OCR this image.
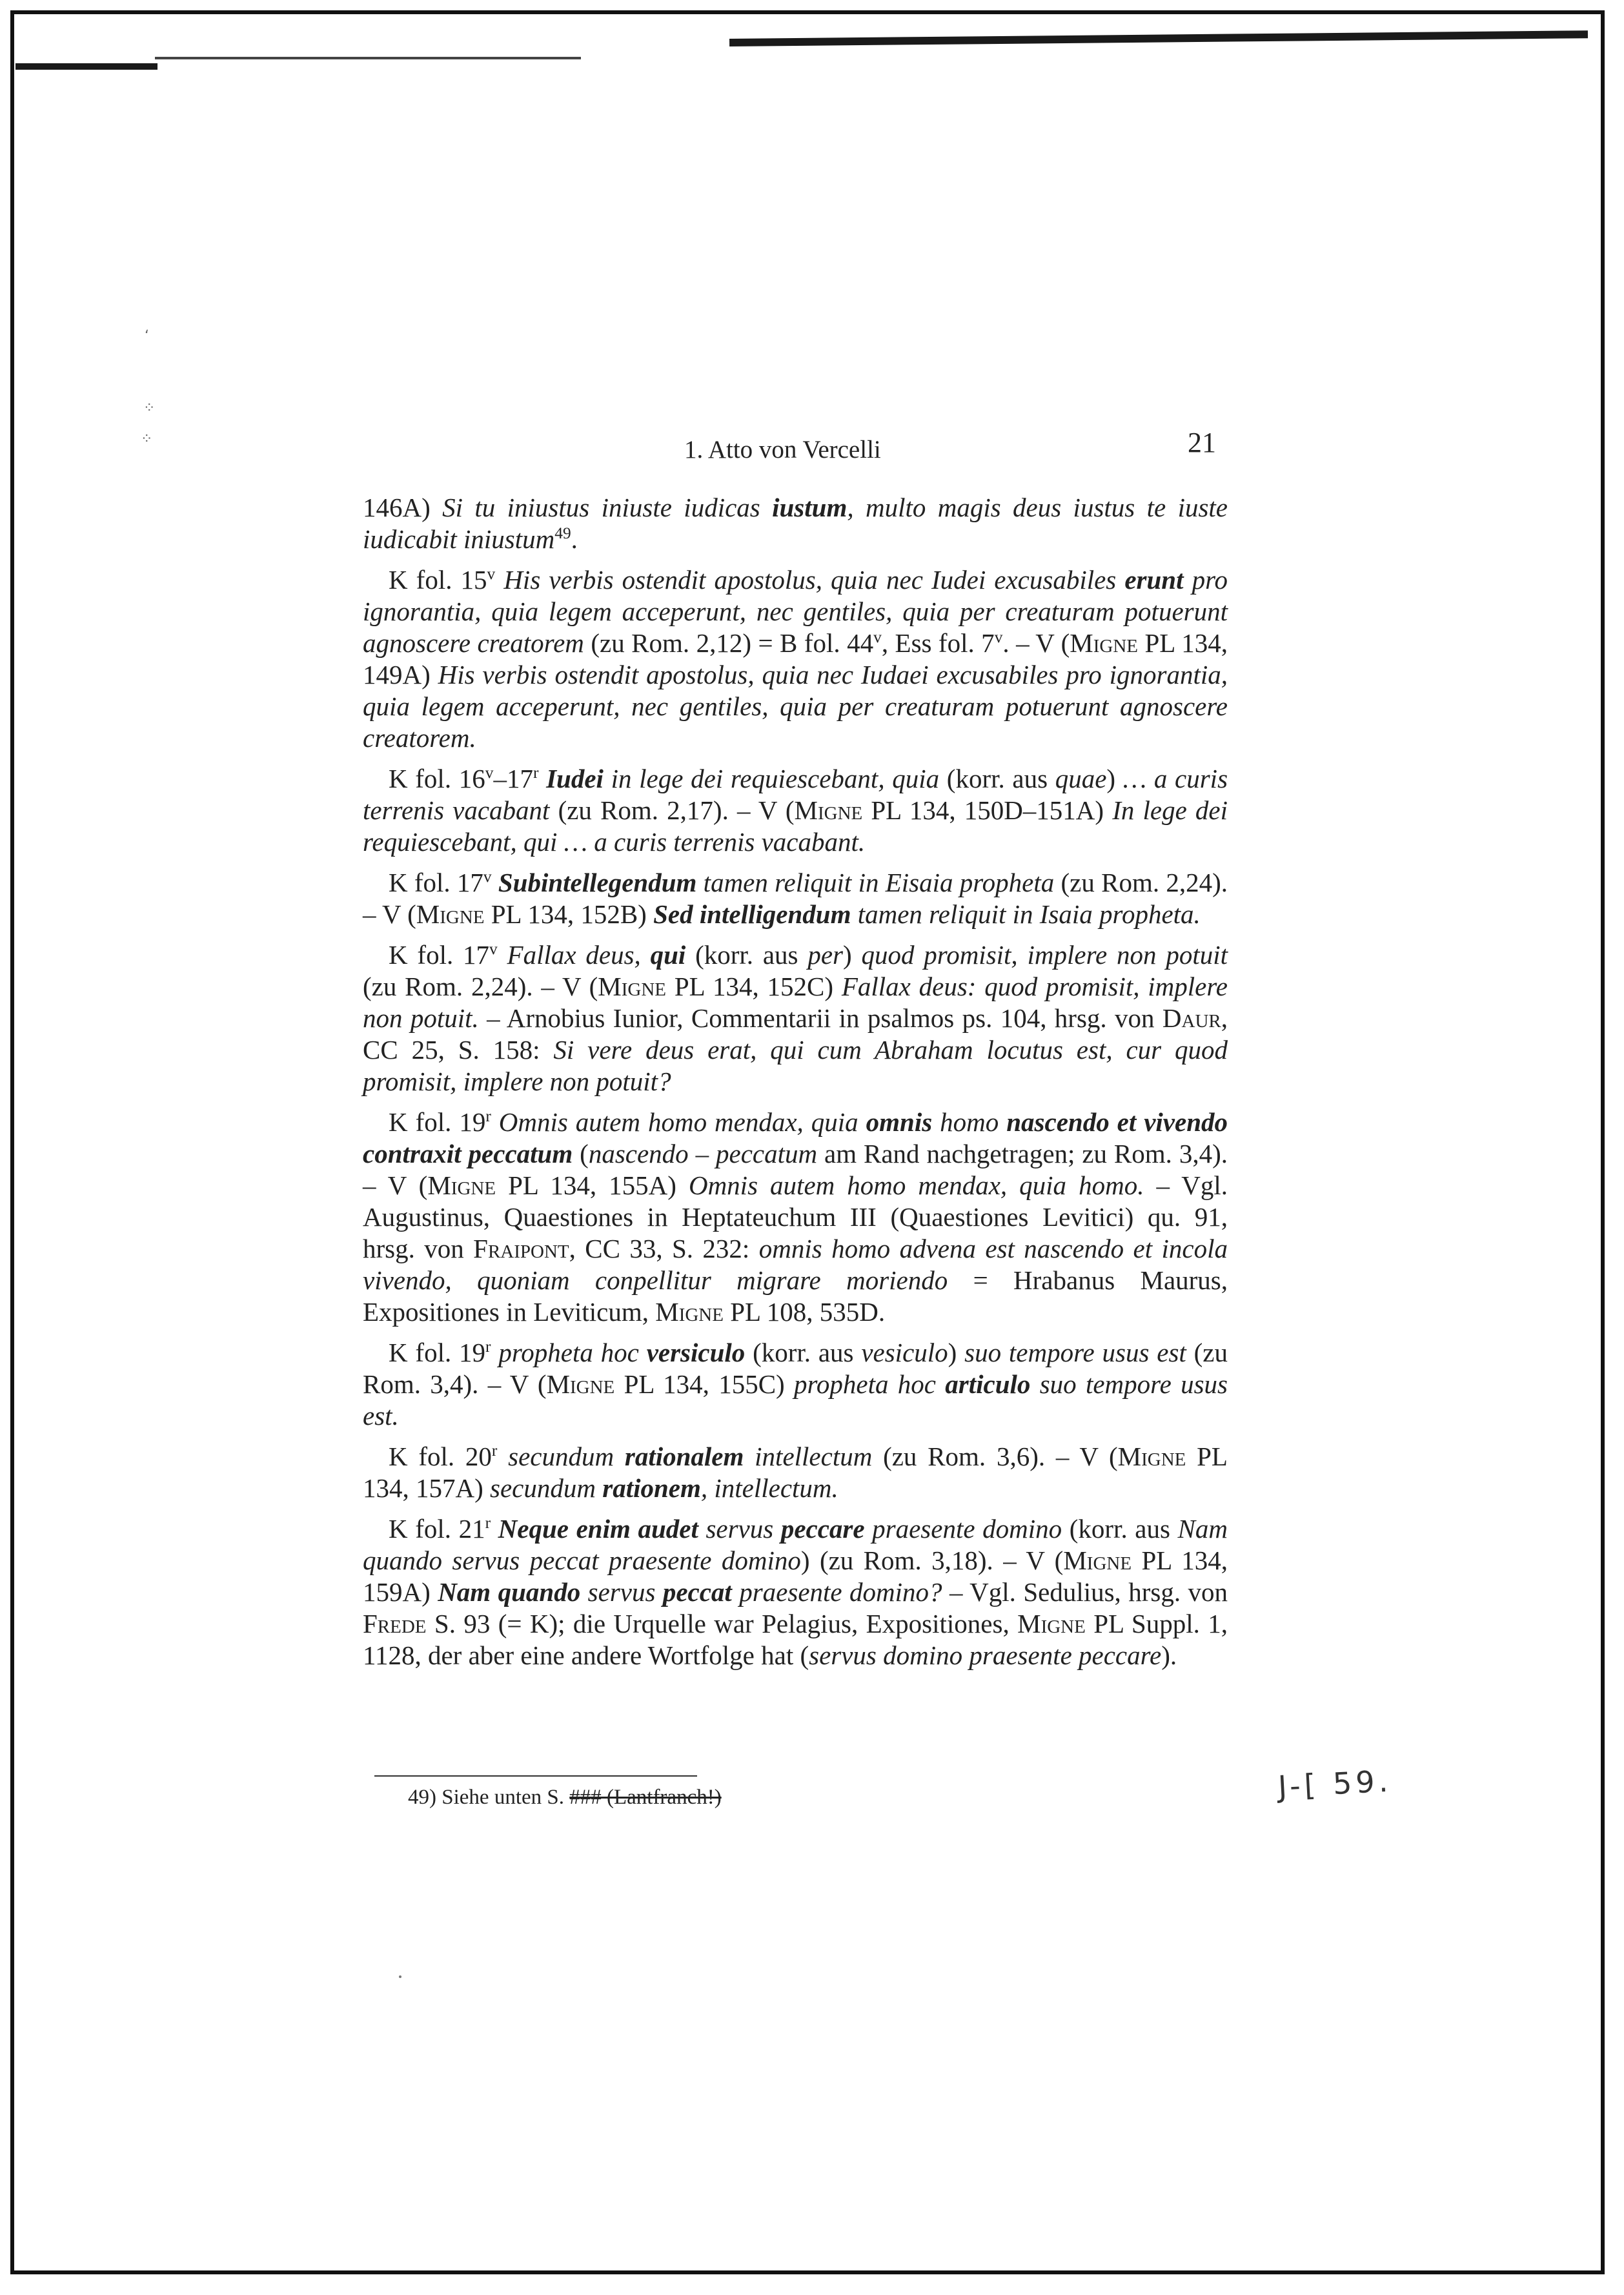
ʻ
⁘
⁘	1. Atto von Vercelli	21

146A) Si tu iniustus iniuste iudicas iustum, multo magis deus iustus te iuste iudicabit iniustum$^{49}$.

K fol. 15$^v$ His verbis ostendit apostolus, quia nec Iudei excusabiles erunt pro ignorantia, quia legem acceperunt, nec gentiles, quia per creaturam potuerunt agnoscere creatorem (zu Rom. 2,12) = B fol. 44$^v$, Ess fol. 7$^v$. – V (Migne PL 134, 149A) His verbis ostendit apostolus, quia nec Iudaei excusabiles pro ignorantia, quia legem acceperunt, nec gentiles, quia per creaturam potuerunt agnoscere creatorem.

K fol. 16$^v$–17$^r$ Iudei in lege dei requiescebant, quia (korr. aus quae) … a curis terrenis vacabant (zu Rom. 2,17). – V (Migne PL 134, 150D–151A) In lege dei requiescebant, qui … a curis terrenis vacabant.

K fol. 17$^v$ Subintellegendum tamen reliquit in Eisaia propheta (zu Rom. 2,24). – V (Migne PL 134, 152B) Sed intelligendum tamen reliquit in Isaia propheta.

K fol. 17$^v$ Fallax deus, qui (korr. aus per) quod promisit, implere non potuit (zu Rom. 2,24). – V (Migne PL 134, 152C) Fallax deus: quod promisit, implere non potuit. – Arnobius Iunior, Commentarii in psalmos ps. 104, hrsg. von Daur, CC 25, S. 158: Si vere deus erat, qui cum Abraham locutus est, cur quod promisit, implere non potuit?

K fol. 19$^r$ Omnis autem homo mendax, quia omnis homo nascendo et vivendo contraxit peccatum (nascendo – peccatum am Rand nachgetragen; zu Rom. 3,4). – V (Migne PL 134, 155A) Omnis autem homo mendax, quia homo. – Vgl. Augustinus, Quaestiones in Heptateuchum III (Quaestiones Levitici) qu. 91, hrsg. von Fraipont, CC 33, S. 232: omnis homo advena est nascendo et incola vivendo, quoniam conpellitur migrare moriendo = Hrabanus Maurus, Expositiones in Leviticum, Migne PL 108, 535D.

K fol. 19$^r$ propheta hoc versiculo (korr. aus vesiculo) suo tempore usus est (zu Rom. 3,4). – V (Migne PL 134, 155C) propheta hoc articulo suo tempore usus est.

K fol. 20$^r$ secundum rationalem intellectum (zu Rom. 3,6). – V (Migne PL 134, 157A) secundum rationem, intellectum.

K fol. 21$^r$ Neque enim audet servus peccare praesente domino (korr. aus Nam quando servus peccat praesente domino) (zu Rom. 3,18). – V (Migne PL 134, 159A) Nam quando servus peccat praesente domino? – Vgl. Sedulius, hrsg. von Frede S. 93 (= K); die Urquelle war Pelagius, Expositiones, Migne PL Suppl. 1, 1128, der aber eine andere Wortfolge hat (servus domino praesente peccare).

49) Siehe unten S. ### (Lantfranch!)	J-[ 59.
